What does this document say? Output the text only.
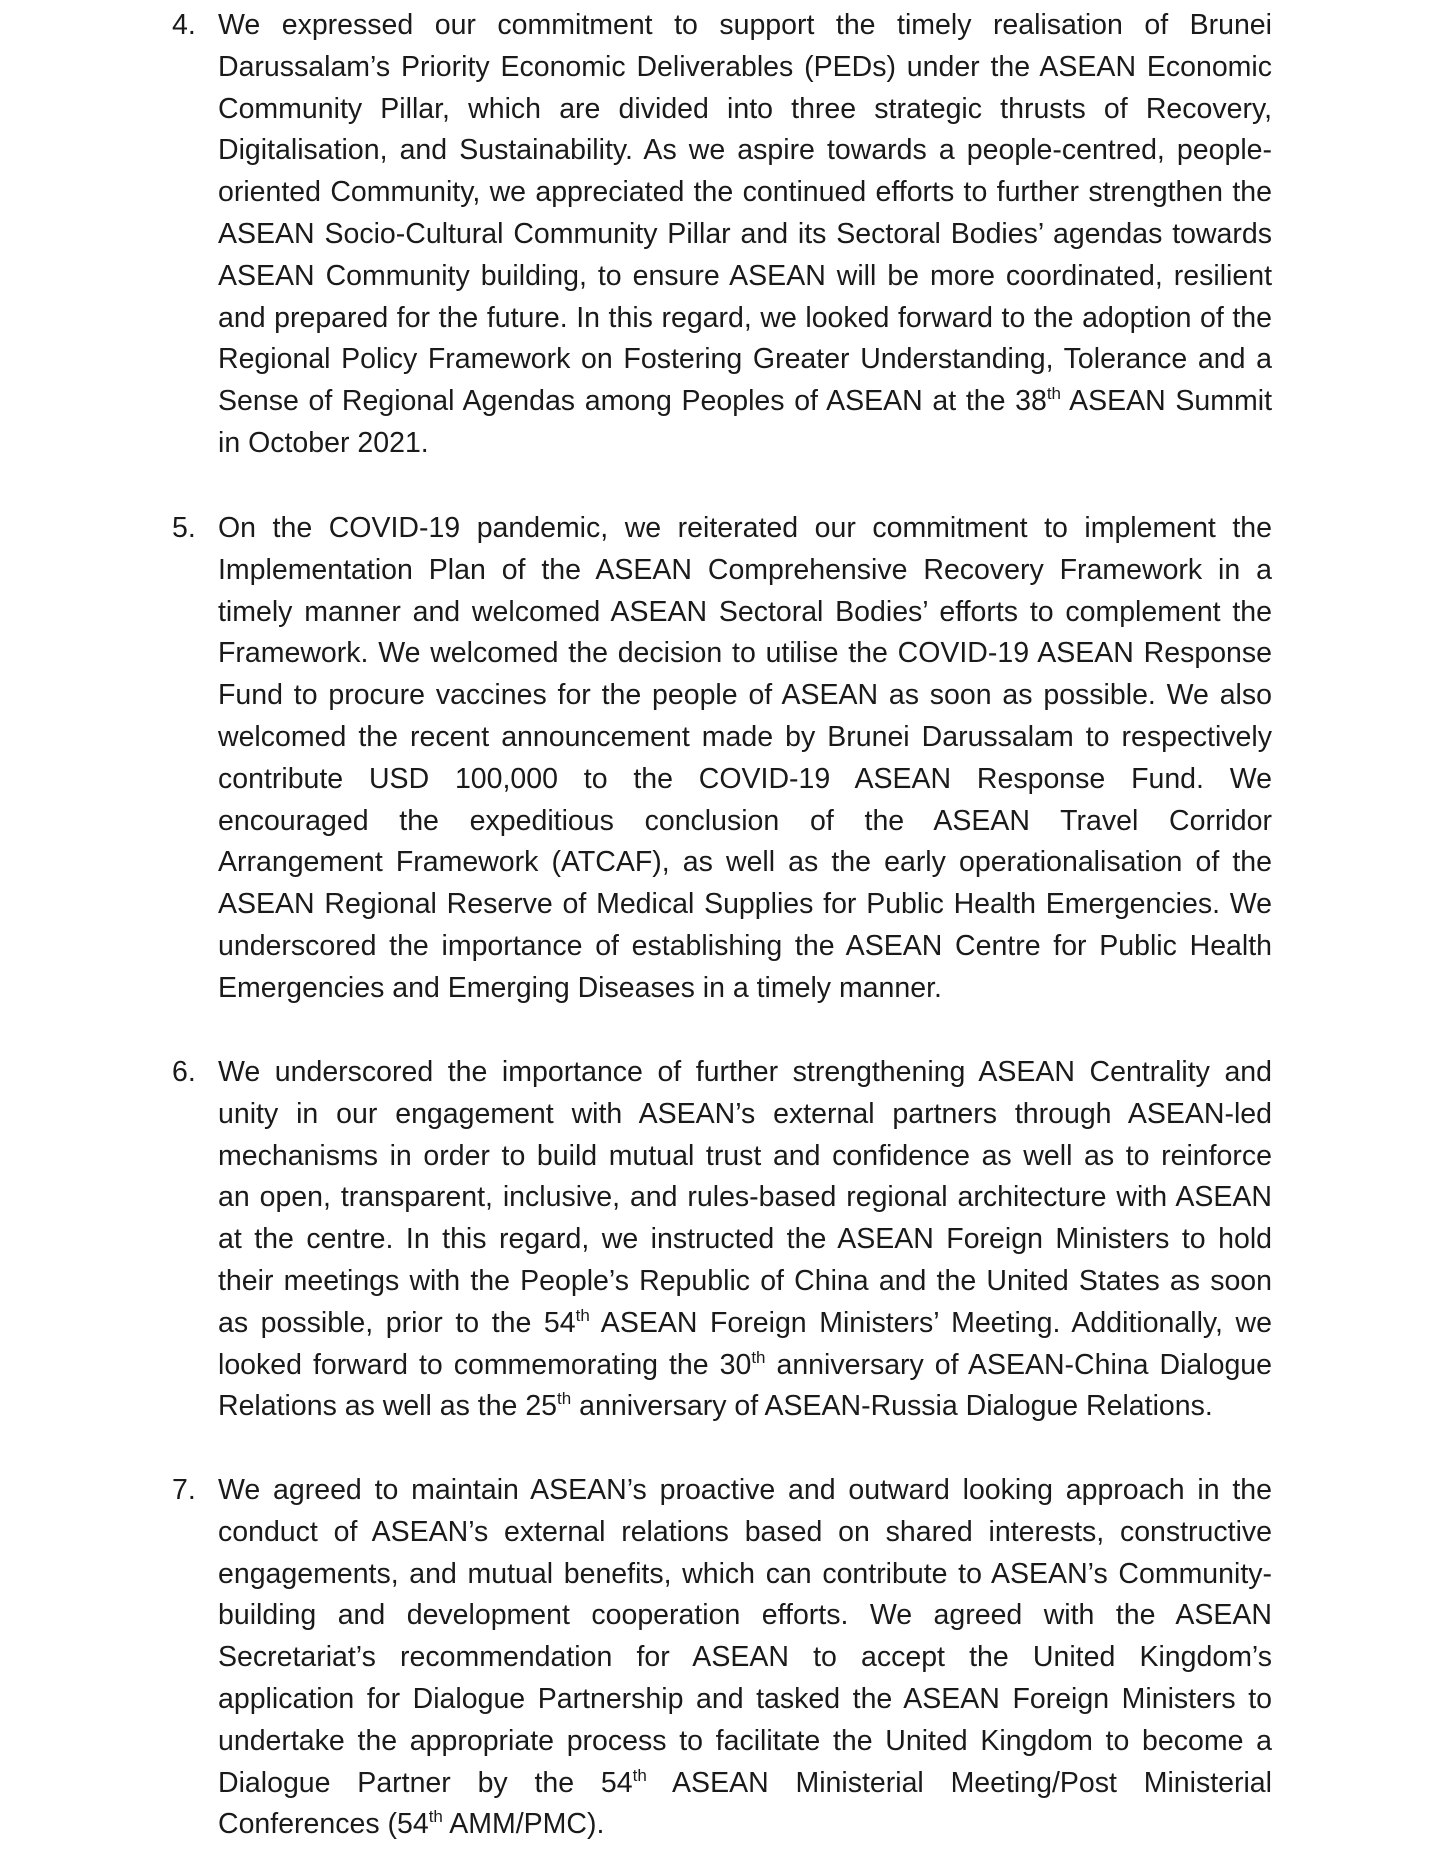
4. We expressed our commitment to support the timely realisation of Brunei
Darussalam’s Priority Economic Deliverables (PEDs) under the ASEAN Economic
Community Pillar, which are divided into three strategic thrusts of Recovery,
Digitalisation, and Sustainability. As we aspire towards a people-centred, people-
oriented Community, we appreciated the continued efforts to further strengthen the
ASEAN Socio-Cultural Community Pillar and its Sectoral Bodies’ agendas towards
ASEAN Community building, to ensure ASEAN will be more coordinated, resilient
and prepared for the future. In this regard, we looked forward to the adoption of the
Regional Policy Framework on Fostering Greater Understanding, Tolerance and a
Sense of Regional Agendas among Peoples of ASEAN at the 38th ASEAN Summit
in October 2021.
5. On the COVID-19 pandemic, we reiterated our commitment to implement the
Implementation Plan of the ASEAN Comprehensive Recovery Framework in a
timely manner and welcomed ASEAN Sectoral Bodies’ efforts to complement the
Framework. We welcomed the decision to utilise the COVID-19 ASEAN Response
Fund to procure vaccines for the people of ASEAN as soon as possible. We also
welcomed the recent announcement made by Brunei Darussalam to respectively
contribute USD 100,000 to the COVID-19 ASEAN Response Fund. We
encouraged the expeditious conclusion of the ASEAN Travel Corridor
Arrangement Framework (ATCAF), as well as the early operationalisation of the
ASEAN Regional Reserve of Medical Supplies for Public Health Emergencies. We
underscored the importance of establishing the ASEAN Centre for Public Health
Emergencies and Emerging Diseases in a timely manner.
6. We underscored the importance of further strengthening ASEAN Centrality and
unity in our engagement with ASEAN’s external partners through ASEAN-led
mechanisms in order to build mutual trust and confidence as well as to reinforce
an open, transparent, inclusive, and rules-based regional architecture with ASEAN
at the centre. In this regard, we instructed the ASEAN Foreign Ministers to hold
their meetings with the People’s Republic of China and the United States as soon
as possible, prior to the 54th ASEAN Foreign Ministers’ Meeting. Additionally, we
looked forward to commemorating the 30th anniversary of ASEAN-China Dialogue
Relations as well as the 25th anniversary of ASEAN-Russia Dialogue Relations.
7. We agreed to maintain ASEAN’s proactive and outward looking approach in the
conduct of ASEAN’s external relations based on shared interests, constructive
engagements, and mutual benefits, which can contribute to ASEAN’s Community-
building and development cooperation efforts. We agreed with the ASEAN
Secretariat’s recommendation for ASEAN to accept the United Kingdom’s
application for Dialogue Partnership and tasked the ASEAN Foreign Ministers to
undertake the appropriate process to facilitate the United Kingdom to become a
Dialogue Partner by the 54th ASEAN Ministerial Meeting/Post Ministerial
Conferences (54th AMM/PMC).
